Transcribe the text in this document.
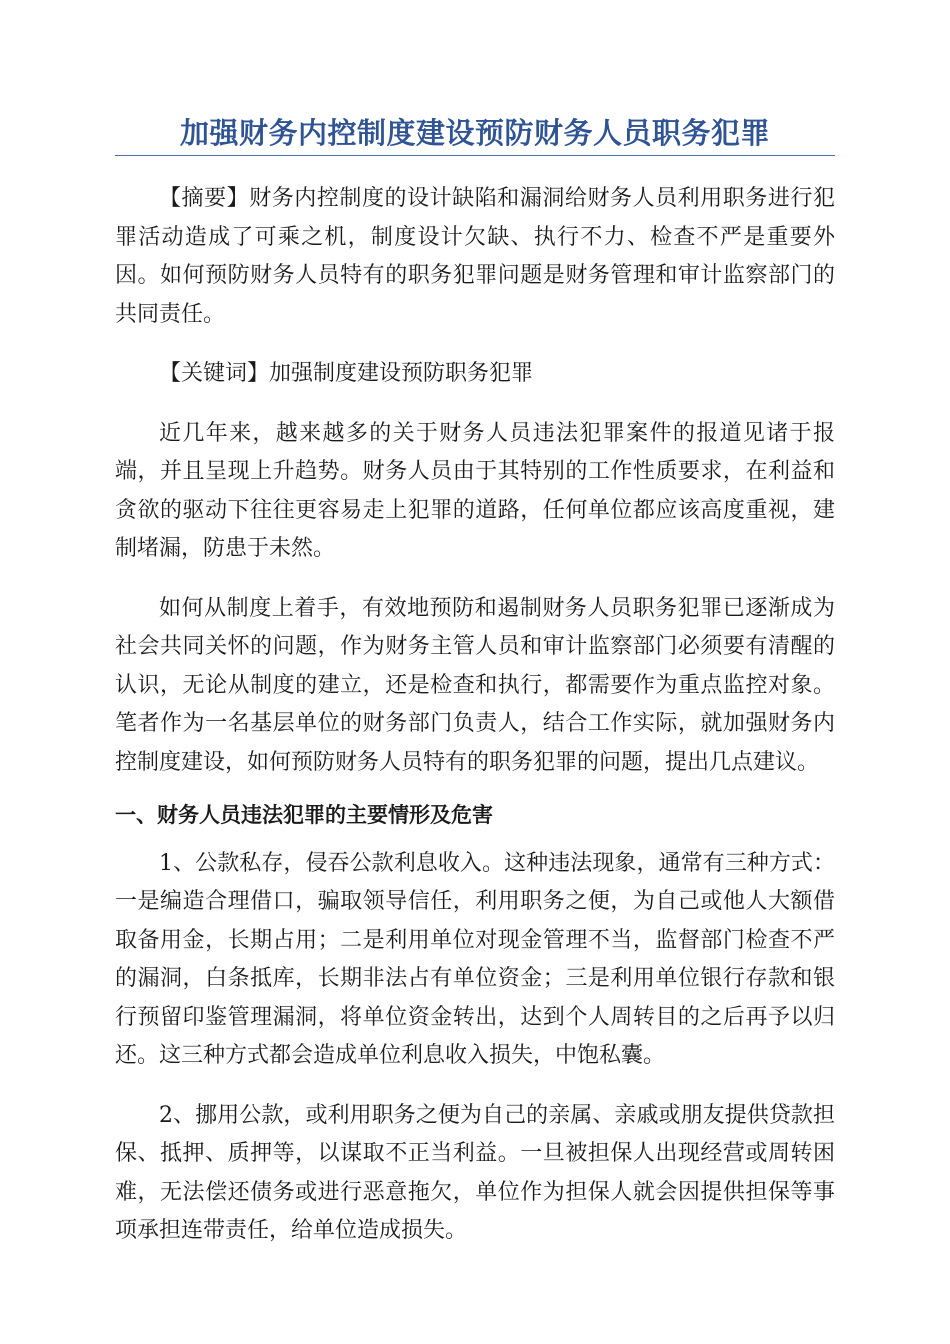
加强财务内控制度建设预防财务人员职务犯罪

【摘要】财务内控制度的设计缺陷和漏洞给财务人员利用职务进行犯罪活动造成了可乘之机，制度设计欠缺、执行不力、检查不严是重要外因。如何预防财务人员特有的职务犯罪问题是财务管理和审计监察部门的共同责任。

【关键词】加强制度建设预防职务犯罪

近几年来，越来越多的关于财务人员违法犯罪案件的报道见诸于报端，并且呈现上升趋势。财务人员由于其特别的工作性质要求，在利益和贪欲的驱动下往往更容易走上犯罪的道路，任何单位都应该高度重视，建制堵漏，防患于未然。

如何从制度上着手，有效地预防和遏制财务人员职务犯罪已逐渐成为社会共同关怀的问题，作为财务主管人员和审计监察部门必须要有清醒的认识，无论从制度的建立，还是检查和执行，都需要作为重点监控对象。笔者作为一名基层单位的财务部门负责人，结合工作实际，就加强财务内控制度建设，如何预防财务人员特有的职务犯罪的问题，提出几点建议。

一、财务人员违法犯罪的主要情形及危害

1、公款私存，侵吞公款利息收入。这种违法现象，通常有三种方式：一是编造合理借口，骗取领导信任，利用职务之便，为自己或他人大额借取备用金，长期占用；二是利用单位对现金管理不当，监督部门检查不严的漏洞，白条抵库，长期非法占有单位资金；三是利用单位银行存款和银行预留印鉴管理漏洞，将单位资金转出，达到个人周转目的之后再予以归还。这三种方式都会造成单位利息收入损失，中饱私囊。

2、挪用公款，或利用职务之便为自己的亲属、亲戚或朋友提供贷款担保、抵押、质押等，以谋取不正当利益。一旦被担保人出现经营或周转困难，无法偿还债务或进行恶意拖欠，单位作为担保人就会因提供担保等事项承担连带责任，给单位造成损失。
